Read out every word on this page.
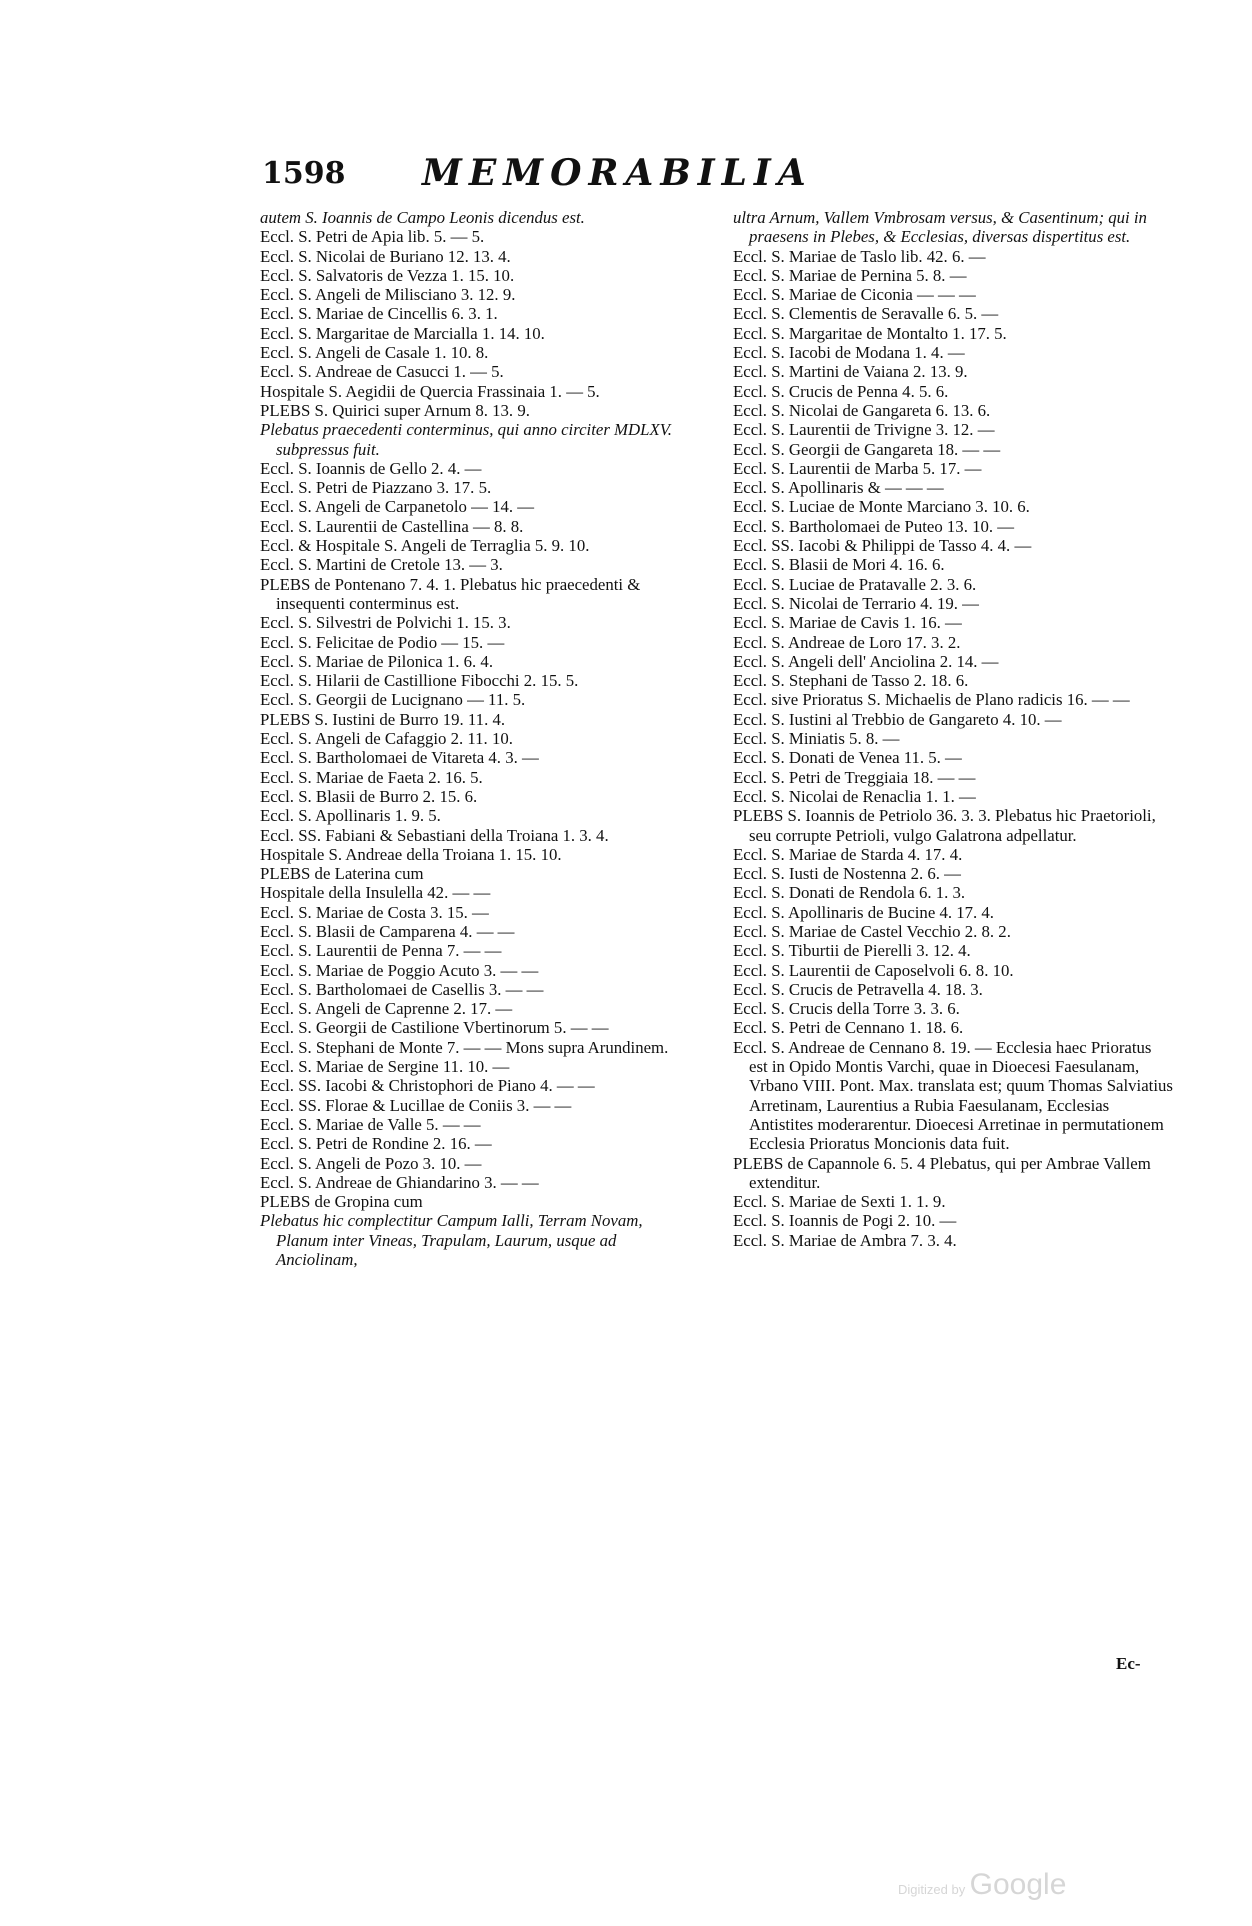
1598 MEMORABILIA

autem S. Ioannis de Campo Leonis dicendus est.

Eccl. S. Petri de Apia lib. 5. — 5.

Eccl. S. Nicolai de Buriano 12. 13. 4.

Eccl. S. Salvatoris de Vezza 1. 15. 10.

Eccl. S. Angeli de Milisciano 3. 12. 9.

Eccl. S. Mariae de Cincellis 6. 3. 1.

Eccl. S. Margaritae de Marcialla 1. 14. 10.

Eccl. S. Angeli de Casale 1. 10. 8.

Eccl. S. Andreae de Casucci 1. — 5.

Hospitale S. Aegidii de Quercia Frassinaia 1. — 5.

PLEBS S. Quirici super Arnum 8. 13. 9.

Plebatus praecedenti conterminus, qui anno circiter MDLXV. subpressus fuit.

Eccl. S. Ioannis de Gello 2. 4. —

Eccl. S. Petri de Piazzano 3. 17. 5.

Eccl. S. Angeli de Carpanetolo — 14. —

Eccl. S. Laurentii de Castellina — 8. 8.

Eccl. & Hospitale S. Angeli de Terraglia 5. 9. 10.

Eccl. S. Martini de Cretole 13. — 3.

PLEBS de Pontenano 7. 4. 1. Plebatus hic praecedenti & insequenti conterminus est.

Eccl. S. Silvestri de Polvichi 1. 15. 3.

Eccl. S. Felicitae de Podio — 15. —

Eccl. S. Mariae de Pilonica 1. 6. 4.

Eccl. S. Hilarii de Castillione Fibocchi 2. 15. 5.

Eccl. S. Georgii de Lucignano — 11. 5.

PLEBS S. Iustini de Burro 19. 11. 4.

Eccl. S. Angeli de Cafaggio 2. 11. 10.

Eccl. S. Bartholomaei de Vitareta 4. 3. —

Eccl. S. Mariae de Faeta 2. 16. 5.

Eccl. S. Blasii de Burro 2. 15. 6.

Eccl. S. Apollinaris 1. 9. 5.

Eccl. SS. Fabiani & Sebastiani della Troiana 1. 3. 4.

Hospitale S. Andreae della Troiana 1. 15. 10.

PLEBS de Laterina cum

Hospitale della Insulella 42. — —

Eccl. S. Mariae de Costa 3. 15. —

Eccl. S. Blasii de Camparena 4. — —

Eccl. S. Laurentii de Penna 7. — —

Eccl. S. Mariae de Poggio Acuto 3. — —

Eccl. S. Bartholomaei de Casellis 3. — —

Eccl. S. Angeli de Caprenne 2. 17. —

Eccl. S. Georgii de Castilione Vbertinorum 5. — —

Eccl. S. Stephani de Monte 7. — — Mons supra Arundinem.

Eccl. S. Mariae de Sergine 11. 10. —

Eccl. SS. Iacobi & Christophori de Piano 4. — —

Eccl. SS. Florae & Lucillae de Coniis 3. — —

Eccl. S. Mariae de Valle 5. — —

Eccl. S. Petri de Rondine 2. 16. —

Eccl. S. Angeli de Pozo 3. 10. —

Eccl. S. Andreae de Ghiandarino 3. — —

PLEBS de Gropina cum

Plebatus hic complectitur Campum Ialli, Terram Novam, Planum inter Vineas, Trapulam, Laurum, usque ad Anciolinam,

ultra Arnum, Vallem Vmbrosam versus, & Casentinum; qui in praesens in Plebes, & Ecclesias, diversas dispertitus est.

Eccl. S. Mariae de Taslo lib. 42. 6. —

Eccl. S. Mariae de Pernina 5. 8. —

Eccl. S. Mariae de Ciconia — — —

Eccl. S. Clementis de Seravalle 6. 5. —

Eccl. S. Margaritae de Montalto 1. 17. 5.

Eccl. S. Iacobi de Modana 1. 4. —

Eccl. S. Martini de Vaiana 2. 13. 9.

Eccl. S. Crucis de Penna 4. 5. 6.

Eccl. S. Nicolai de Gangareta 6. 13. 6.

Eccl. S. Laurentii de Trivigne 3. 12. —

Eccl. S. Georgii de Gangareta 18. — —

Eccl. S. Laurentii de Marba 5. 17. —

Eccl. S. Apollinaris & — — —

Eccl. S. Luciae de Monte Marciano 3. 10. 6.

Eccl. S. Bartholomaei de Puteo 13. 10. —

Eccl. SS. Iacobi & Philippi de Tasso 4. 4. —

Eccl. S. Blasii de Mori 4. 16. 6.

Eccl. S. Luciae de Pratavalle 2. 3. 6.

Eccl. S. Nicolai de Terrario 4. 19. —

Eccl. S. Mariae de Cavis 1. 16. —

Eccl. S. Andreae de Loro 17. 3. 2.

Eccl. S. Angeli dell' Anciolina 2. 14. —

Eccl. S. Stephani de Tasso 2. 18. 6.

Eccl. sive Prioratus S. Michaelis de Plano radicis 16. — —

Eccl. S. Iustini al Trebbio de Gangareto 4. 10. —

Eccl. S. Miniatis 5. 8. —

Eccl. S. Donati de Venea 11. 5. —

Eccl. S. Petri de Treggiaia 18. — —

Eccl. S. Nicolai de Renaclia 1. 1. —

PLEBS S. Ioannis de Petriolo 36. 3. 3. Plebatus hic Praetorioli, seu corrupte Petrioli, vulgo Galatrona adpellatur.

Eccl. S. Mariae de Starda 4. 17. 4.

Eccl. S. Iusti de Nostenna 2. 6. —

Eccl. S. Donati de Rendola 6. 1. 3.

Eccl. S. Apollinaris de Bucine 4. 17. 4.

Eccl. S. Mariae de Castel Vecchio 2. 8. 2.

Eccl. S. Tiburtii de Pierelli 3. 12. 4.

Eccl. S. Laurentii de Caposelvoli 6. 8. 10.

Eccl. S. Crucis de Petravella 4. 18. 3.

Eccl. S. Crucis della Torre 3. 3. 6.

Eccl. S. Petri de Cennano 1. 18. 6.

Eccl. S. Andreae de Cennano 8. 19. — Ecclesia haec Prioratus est in Opido Montis Varchi, quae in Dioecesi Faesulanam, Vrbano VIII. Pont. Max. translata est; quum Thomas Salviatius Arretinam, Laurentius a Rubia Faesulanam, Ecclesias Antistites moderarentur. Dioecesi Arretinae in permutationem Ecclesia Prioratus Moncionis data fuit.

PLEBS de Capannole 6. 5. 4 Plebatus, qui per Ambrae Vallem extenditur.

Eccl. S. Mariae de Sexti 1. 1. 9.

Eccl. S. Ioannis de Pogi 2. 10. —

Eccl. S. Mariae de Ambra 7. 3. 4.

Ec-
Digitized by Google
